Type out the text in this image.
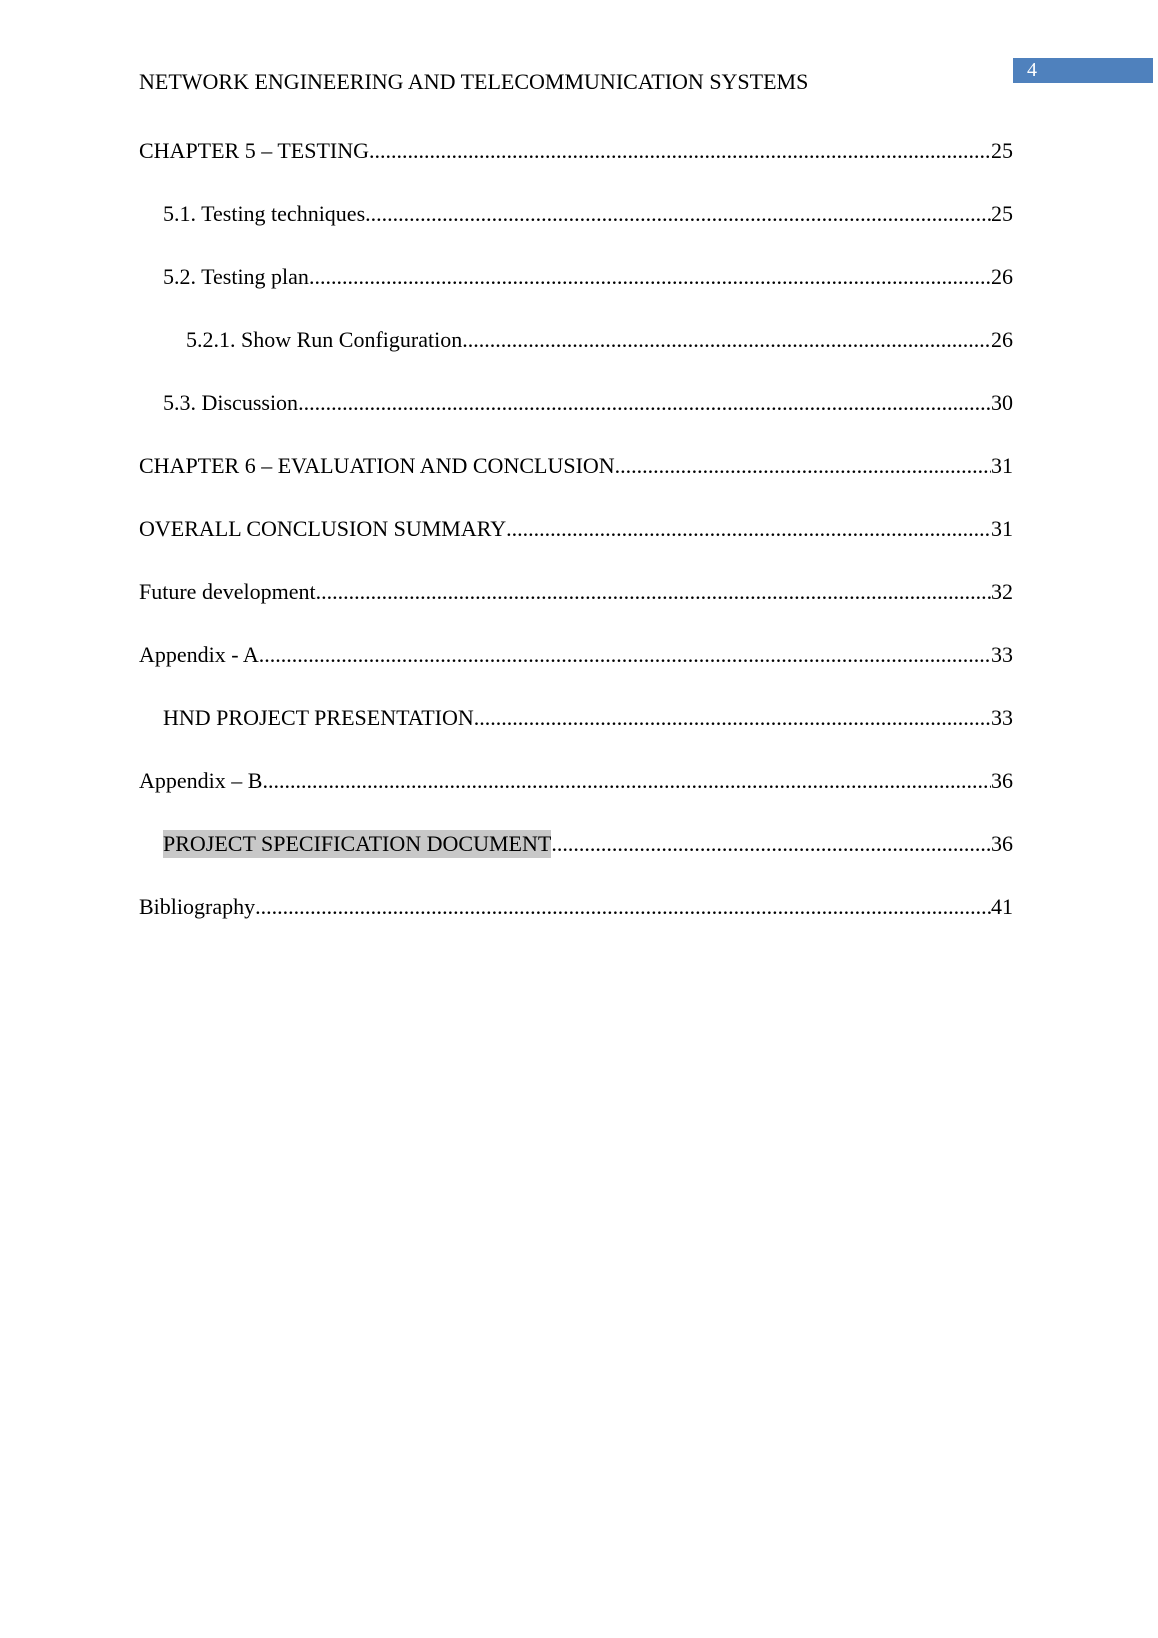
4
NETWORK ENGINEERING AND TELECOMMUNICATION SYSTEMS
CHAPTER 5 – TESTING .....	25
5.1. Testing techniques .....	25
5.2. Testing plan .....	26
5.2.1. Show Run Configuration .....	26
5.3. Discussion .....	30
CHAPTER 6 – EVALUATION AND CONCLUSION .....	31
OVERALL CONCLUSION SUMMARY .....	31
Future development .....	32
Appendix - A .....	33
HND PROJECT PRESENTATION .....	33
Appendix – B .....	36
PROJECT SPECIFICATION DOCUMENT .....	36
Bibliography .....	41
